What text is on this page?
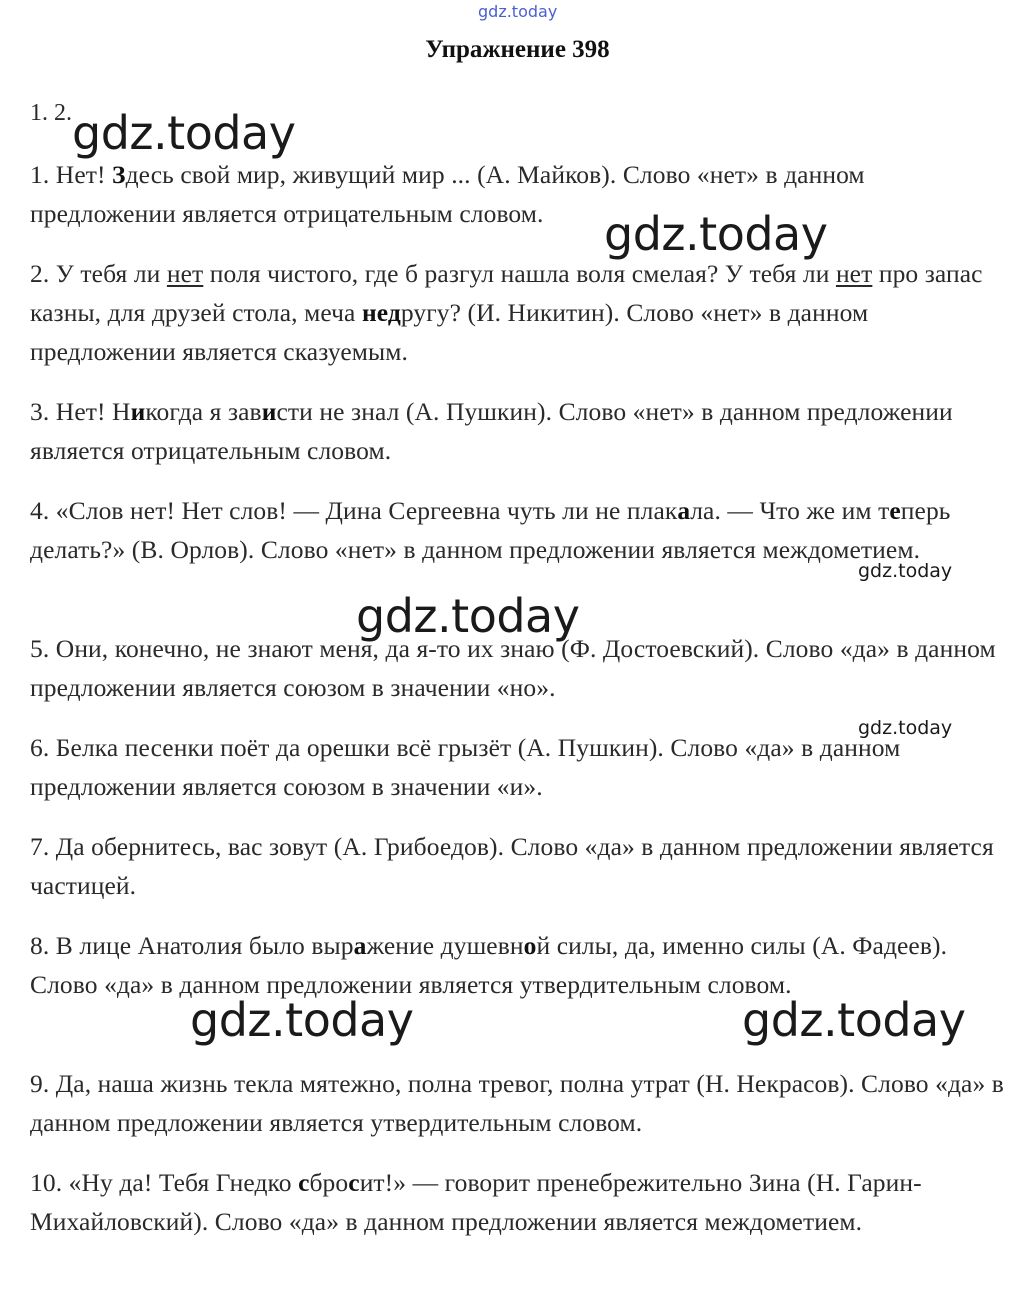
gdz.today
Упражнение 398
1. 2.
1. Нет! Здесь свой мир, живущий мир ... (А. Майков). Слово «нет» в данном предложении является отрицательным словом.
2. У тебя ли нет поля чистого, где б разгул нашла воля смелая? У тебя ли нет про запас казны, для друзей стола, меча недругу? (И. Никитин). Слово «нет» в данном предложении является сказуемым.
3. Нет! Никогда я зависти не знал (А. Пушкин). Слово «нет» в данном предложении является отрицательным словом.
4. «Слов нет! Нет слов! — Дина Сергеевна чуть ли не плакала. — Что же им теперь делать?» (В. Орлов). Слово «нет» в данном предложении является междометием.
5. Они, конечно, не знают меня, да я-то их знаю (Ф. Достоевский). Слово «да» в данном предложении является союзом в значении «но».
6. Белка песенки поёт да орешки всё грызёт (А. Пушкин). Слово «да» в данном предложении является союзом в значении «и».
7. Да обернитесь, вас зовут (А. Грибоедов). Слово «да» в данном предложении является частицей.
8. В лице Анатолия было выражение душевной силы, да, именно силы (А. Фадеев). Слово «да» в данном предложении является утвердительным словом.
9. Да, наша жизнь текла мятежно, полна тревог, полна утрат (Н. Некрасов). Слово «да» в данном предложении является утвердительным словом.
10. «Ну да! Тебя Гнедко сбросит!» — говорит пренебрежительно Зина (Н. Гарин-Михайловский). Слово «да» в данном предложении является междометием.
gdz.today
gdz.today
gdz.today
gdz.today
gdz.today
gdz.today	gdz.today
